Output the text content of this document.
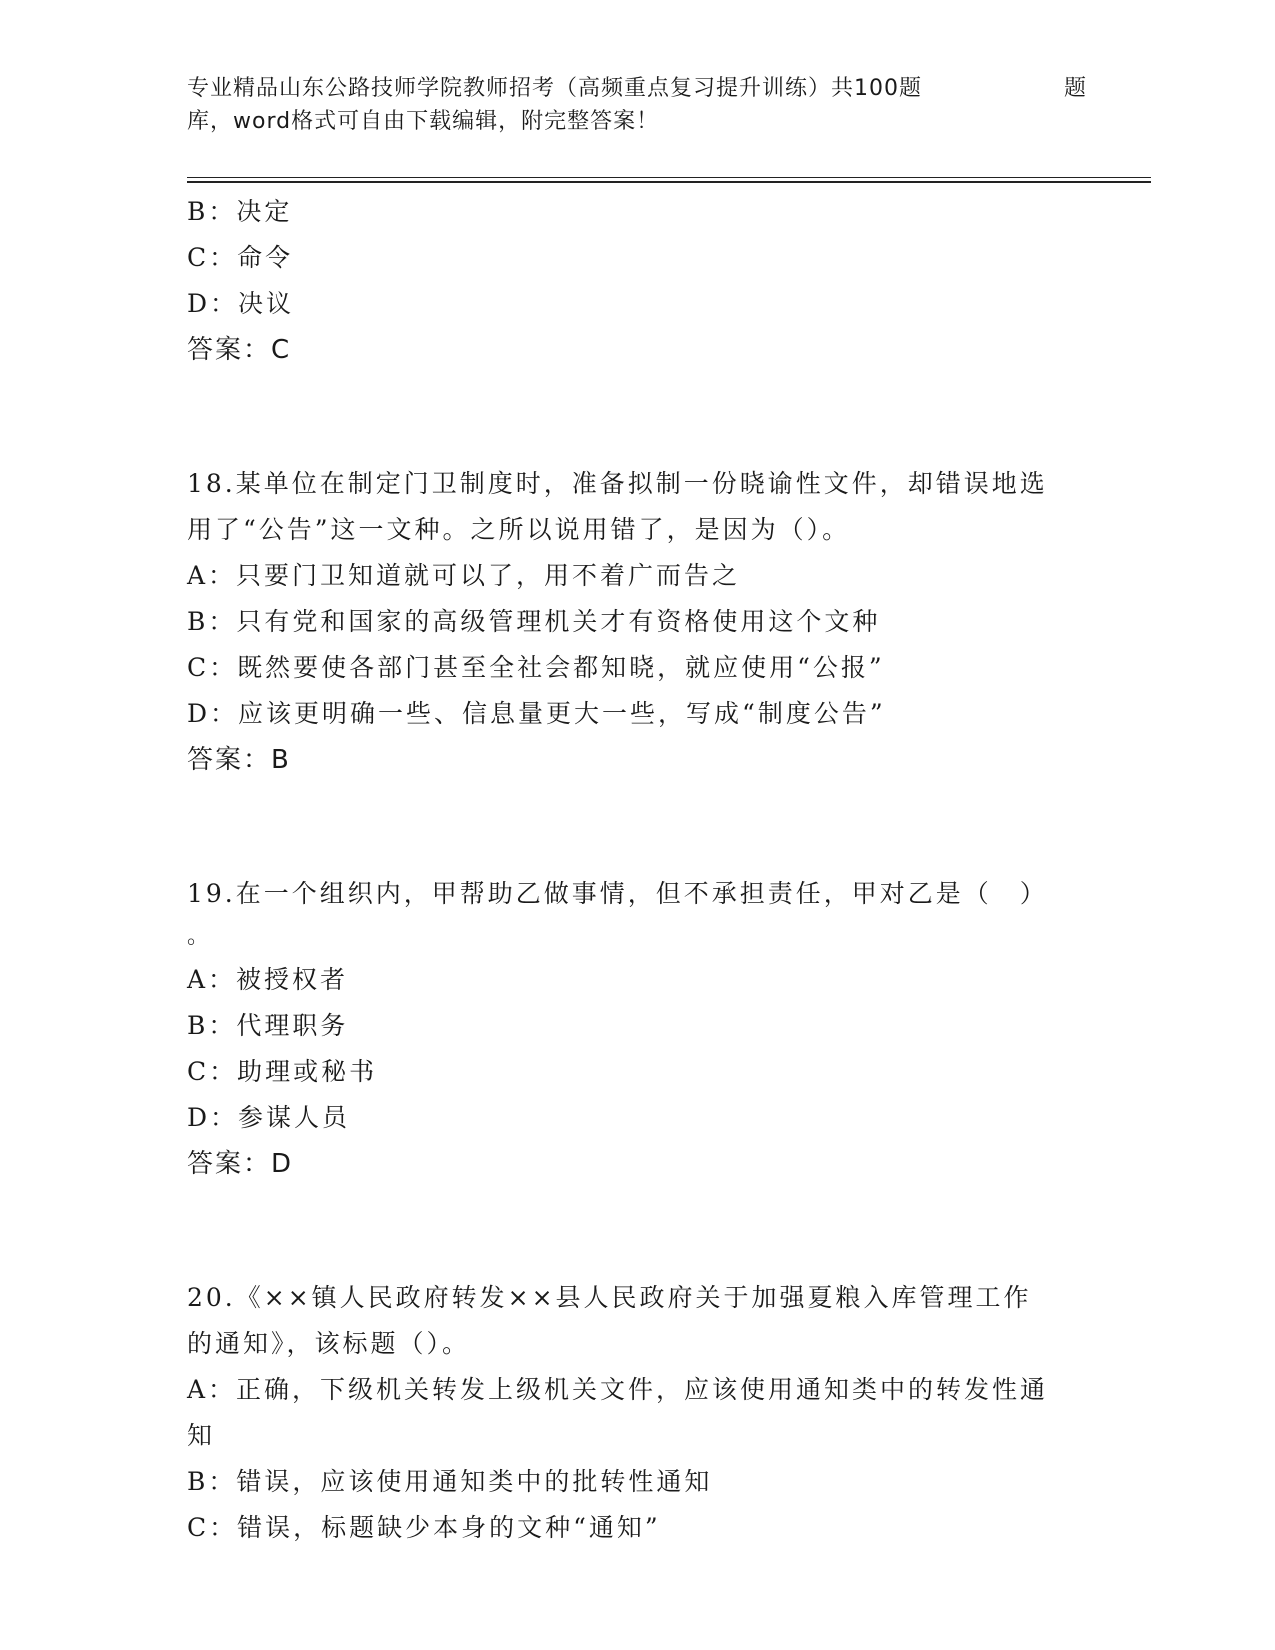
专业精品山东公路技师学院教师招考（高频重点复习提升训练）共100题	题
库，word格式可自由下载编辑，附完整答案！
B：决定
C：命令
D：决议
答案：C
18.某单位在制定门卫制度时，准备拟制一份晓谕性文件，却错误地选
用了“公告”这一文种。之所以说用错了，是因为（）。
A：只要门卫知道就可以了，用不着广而告之
B：只有党和国家的高级管理机关才有资格使用这个文种
C：既然要使各部门甚至全社会都知晓，就应使用“公报”
D：应该更明确一些、信息量更大一些，写成“制度公告”
答案：B
19.在一个组织内，甲帮助乙做事情，但不承担责任，甲对乙是（　）
。
A：被授权者
B：代理职务
C：助理或秘书
D：参谋人员
答案：D
20.《××镇人民政府转发××县人民政府关于加强夏粮入库管理工作
的通知》，该标题（）。
A：正确，下级机关转发上级机关文件，应该使用通知类中的转发性通
知
B：错误，应该使用通知类中的批转性通知
C：错误，标题缺少本身的文种“通知”
